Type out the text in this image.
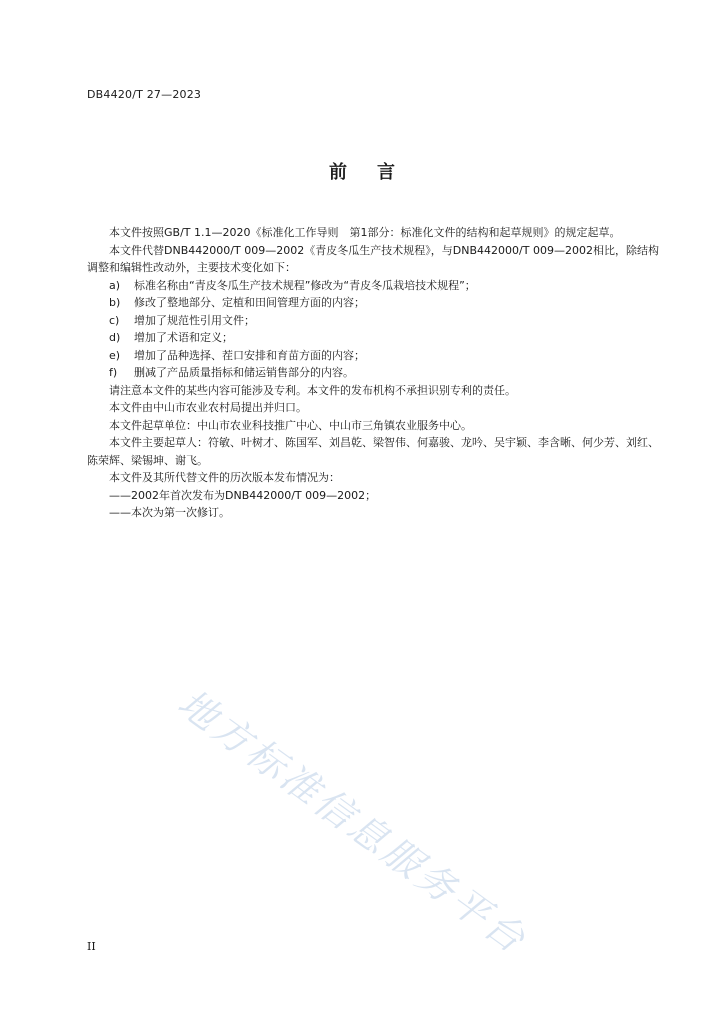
DB4420/T 27—2023
前言

本文件按照GB/T 1.1—2020《标准化工作导则　第1部分：标准化文件的结构和起草规则》的规定起草。

本文件代替DNB442000/T 009—2002《青皮冬瓜生产技术规程》，与DNB442000/T 009—2002相比，除结构调整和编辑性改动外，主要技术变化如下：

a) 标准名称由“青皮冬瓜生产技术规程”修改为“青皮冬瓜栽培技术规程”；

b) 修改了整地部分、定植和田间管理方面的内容；

c) 增加了规范性引用文件；

d) 增加了术语和定义；

e) 增加了品种选择、茬口安排和育苗方面的内容；

f) 删减了产品质量指标和储运销售部分的内容。

请注意本文件的某些内容可能涉及专利。本文件的发布机构不承担识别专利的责任。

本文件由中山市农业农村局提出并归口。

本文件起草单位：中山市农业科技推广中心、中山市三角镇农业服务中心。

本文件主要起草人：符敏、叶树才、陈国军、刘昌乾、梁智伟、何嘉骏、龙吟、吴宇颖、李含晰、何少芳、刘红、陈荣辉、梁锡坤、谢飞。

本文件及其所代替文件的历次版本发布情况为：

——2002年首次发布为DNB442000/T 009—2002；

——本次为第一次修订。

地方标准信息服务平台
II
